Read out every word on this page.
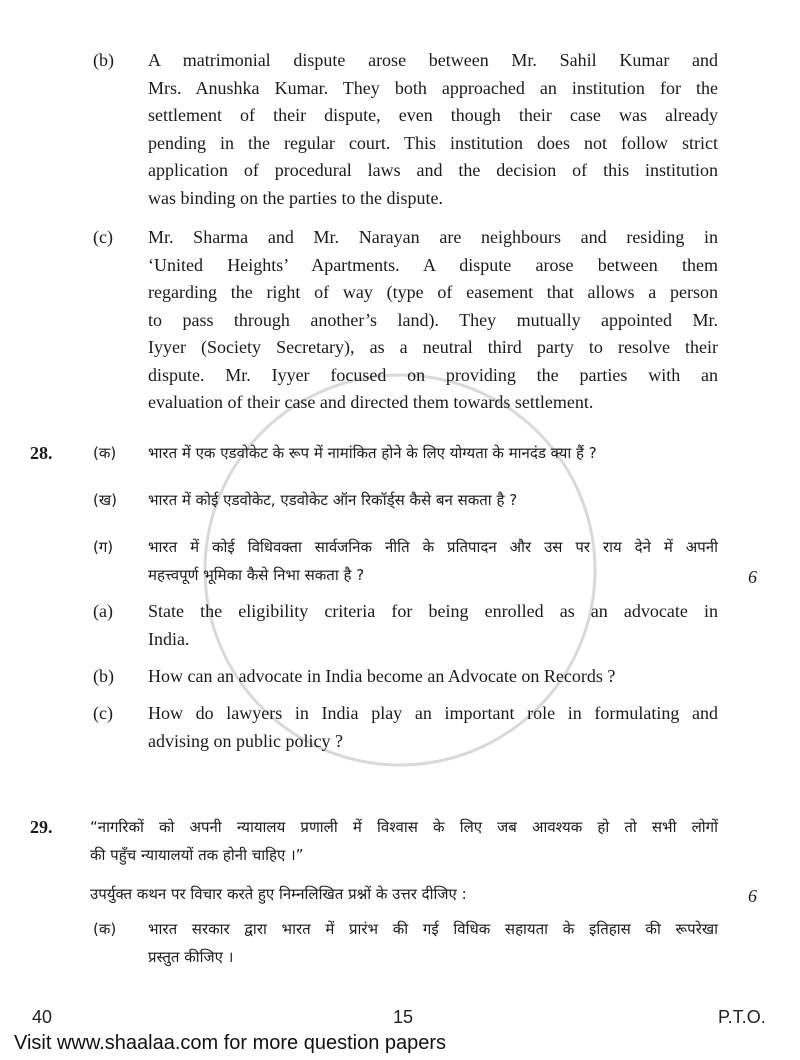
(b) A matrimonial dispute arose between Mr. Sahil Kumar and
Mrs. Anushka Kumar. They both approached an institution for the
settlement of their dispute, even though their case was already
pending in the regular court. This institution does not follow strict
application of procedural laws and the decision of this institution
was binding on the parties to the dispute.
(c) Mr. Sharma and Mr. Narayan are neighbours and residing in
‘United Heights’ Apartments. A dispute arose between them
regarding the right of way (type of easement that allows a person
to pass through another’s land). They mutually appointed Mr.
Iyyer (Society Secretary), as a neutral third party to resolve their
dispute. Mr. Iyyer focused on providing the parties with an
evaluation of their case and directed them towards settlement.
28.	(क) भारत में एक एडवोकेट के रूप में नामांकित होने के लिए योग्यता के मानदंड क्या हैं ?
(ख) भारत में कोई एडवोकेट, एडवोकेट ऑन रिकॉर्ड्स कैसे बन सकता है ?
(ग) भारत में कोई विधिवक्ता सार्वजनिक नीति के प्रतिपादन और उस पर राय देने में अपनी
महत्त्वपूर्ण भूमिका कैसे निभा सकता है ?	6
(a) State the eligibility criteria for being enrolled as an advocate in
India.
(b) How can an advocate in India become an Advocate on Records ?
(c) How do lawyers in India play an important role in formulating and
advising on public policy ?
29.	“नागरिकों को अपनी न्यायालय प्रणाली में विश्वास के लिए जब आवश्यक हो तो सभी लोगों
की पहुँच न्यायालयों तक होनी चाहिए ।”
उपर्युक्त कथन पर विचार करते हुए निम्नलिखित प्रश्नों के उत्तर दीजिए :	6
(क) भारत सरकार द्वारा भारत में प्रारंभ की गई विधिक सहायता के इतिहास की रूपरेखा
प्रस्तुत कीजिए ।
40	15	P.T.O.
Visit www.shaalaa.com for more question papers
